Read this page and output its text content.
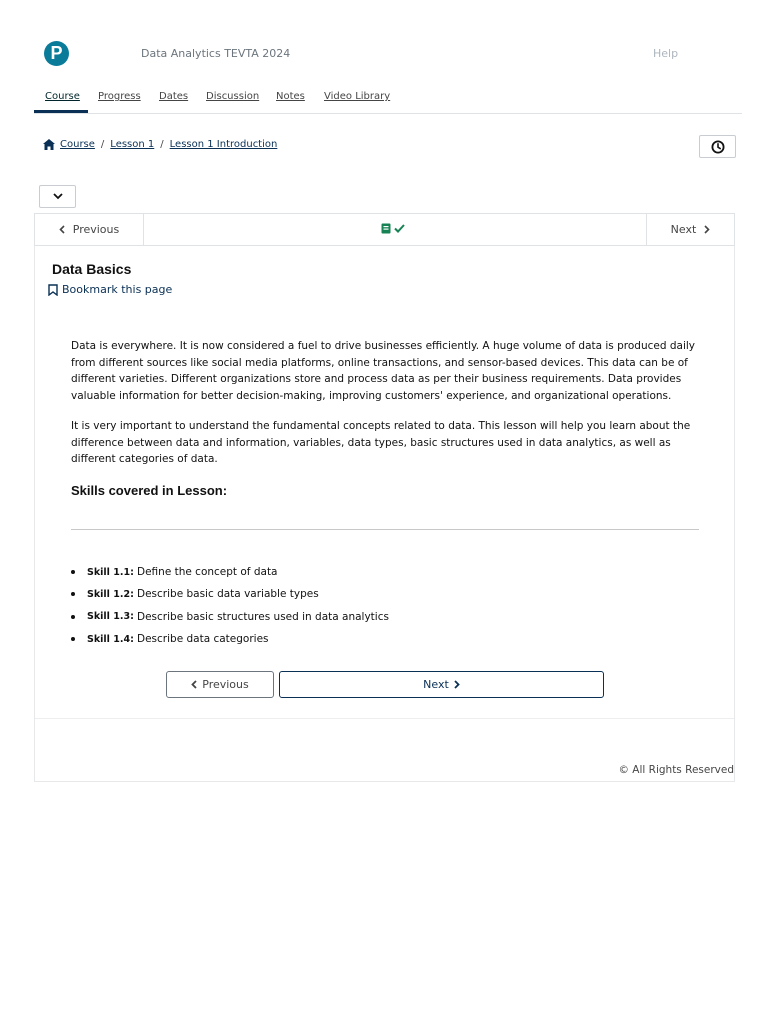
P	Data Analytics TEVTA 2024	Help
Course Progress Dates Discussion Notes Video Library
Course / Lesson 1 / Lesson 1 Introduction
Previous	Next
Data Basics
Bookmark this page

Data is everywhere. It is now considered a fuel to drive businesses efficiently. A huge volume of data is produced daily from different sources like social media platforms, online transactions, and sensor-based devices. This data can be of different varieties. Different organizations store and process data as per their business requirements. Data provides valuable information for better decision-making, improving customers' experience, and organizational operations.

It is very important to understand the fundamental concepts related to data. This lesson will help you learn about the difference between data and information, variables, data types, basic structures used in data analytics, as well as different categories of data.

Skills covered in Lesson:
Skill 1.1: Define the concept of data
Skill 1.2: Describe basic data variable types
Skill 1.3: Describe basic structures used in data analytics
Skill 1.4: Describe data categories
Previous	Next
© All Rights Reserved
